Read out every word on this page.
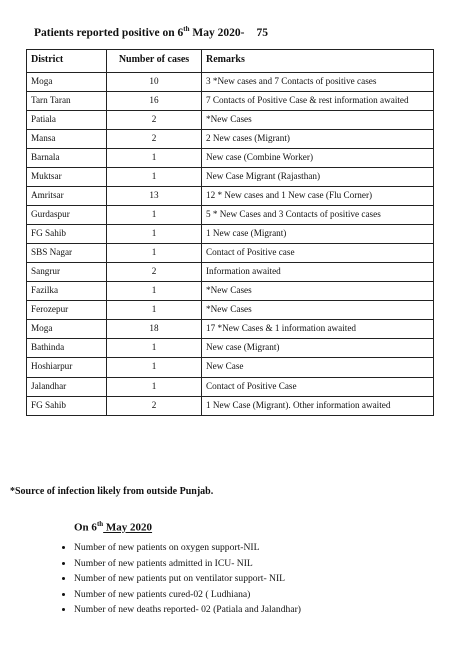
Patients reported positive on 6th May 2020- 75
District	Number of cases	Remarks
Moga	10	3 *New cases and 7 Contacts of positive cases
Tarn Taran	16	7 Contacts of Positive Case & rest information awaited
Patiala	2	*New Cases
Mansa	2	2 New cases (Migrant)
Barnala	1	New case (Combine Worker)
Muktsar	1	New Case Migrant (Rajasthan)
Amritsar	13	12 * New cases and 1 New case (Flu Corner)
Gurdaspur	1	5 * New Cases and 3 Contacts of positive cases
FG Sahib	1	1 New case (Migrant)
SBS Nagar	1	Contact of Positive case
Sangrur	2	Information awaited
Fazilka	1	*New Cases
Ferozepur	1	*New Cases
Moga	18	17 *New Cases & 1 information awaited
Bathinda	1	New case (Migrant)
Hoshiarpur	1	New Case
Jalandhar	1	Contact of Positive Case
FG Sahib	2	1 New Case (Migrant). Other information awaited
*Source of infection likely from outside Punjab.
On 6th May 2020
• Number of new patients on oxygen support-NIL
• Number of new patients admitted in ICU- NIL
• Number of new patients put on ventilator support- NIL
• Number of new patients cured-02 ( Ludhiana)
• Number of new deaths reported- 02 (Patiala and Jalandhar)
